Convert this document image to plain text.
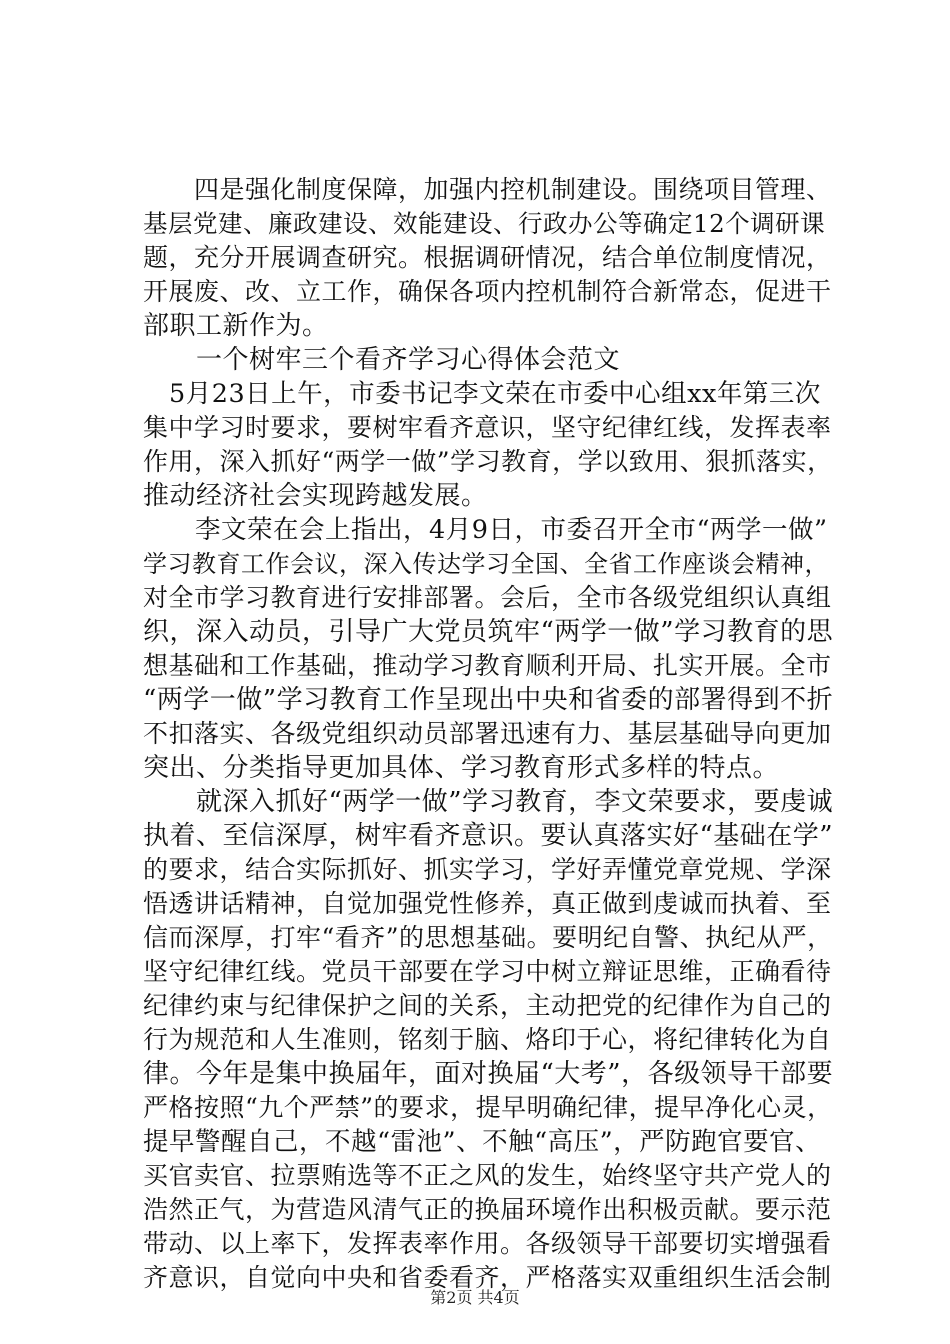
　　四是强化制度保障，加强内控机制建设。围绕项目管理、
基层党建、廉政建设、效能建设、行政办公等确定12个调研课
题，充分开展调查研究。根据调研情况，结合单位制度情况，
开展废、改、立工作，确保各项内控机制符合新常态，促进干
部职工新作为。
　　一个树牢三个看齐学习心得体会范文
　5月23日上午，市委书记李文荣在市委中心组xx年第三次
集中学习时要求，要树牢看齐意识，坚守纪律红线，发挥表率
作用，深入抓好“两学一做”学习教育，学以致用、狠抓落实，
推动经济社会实现跨越发展。
　　李文荣在会上指出，4月9日，市委召开全市“两学一做”
学习教育工作会议，深入传达学习全国、全省工作座谈会精神，
对全市学习教育进行安排部署。会后，全市各级党组织认真组
织，深入动员，引导广大党员筑牢“两学一做”学习教育的思
想基础和工作基础，推动学习教育顺利开局、扎实开展。全市
“两学一做”学习教育工作呈现出中央和省委的部署得到不折
不扣落实、各级党组织动员部署迅速有力、基层基础导向更加
突出、分类指导更加具体、学习教育形式多样的特点。
　　就深入抓好“两学一做”学习教育，李文荣要求，要虔诚
执着、至信深厚，树牢看齐意识。要认真落实好“基础在学”
的要求，结合实际抓好、抓实学习，学好弄懂党章党规、学深
悟透讲话精神，自觉加强党性修养，真正做到虔诚而执着、至
信而深厚，打牢“看齐”的思想基础。要明纪自警、执纪从严，
坚守纪律红线。党员干部要在学习中树立辩证思维，正确看待
纪律约束与纪律保护之间的关系，主动把党的纪律作为自己的
行为规范和人生准则，铭刻于脑、烙印于心，将纪律转化为自
律。今年是集中换届年，面对换届“大考”，各级领导干部要
严格按照“九个严禁”的要求，提早明确纪律，提早净化心灵，
提早警醒自己，不越“雷池”、不触“高压”，严防跑官要官、
买官卖官、拉票贿选等不正之风的发生，始终坚守共产党人的
浩然正气，为营造风清气正的换届环境作出积极贡献。要示范
带动、以上率下，发挥表率作用。各级领导干部要切实增强看
齐意识，自觉向中央和省委看齐，严格落实双重组织生活会制
第2页 共4页
